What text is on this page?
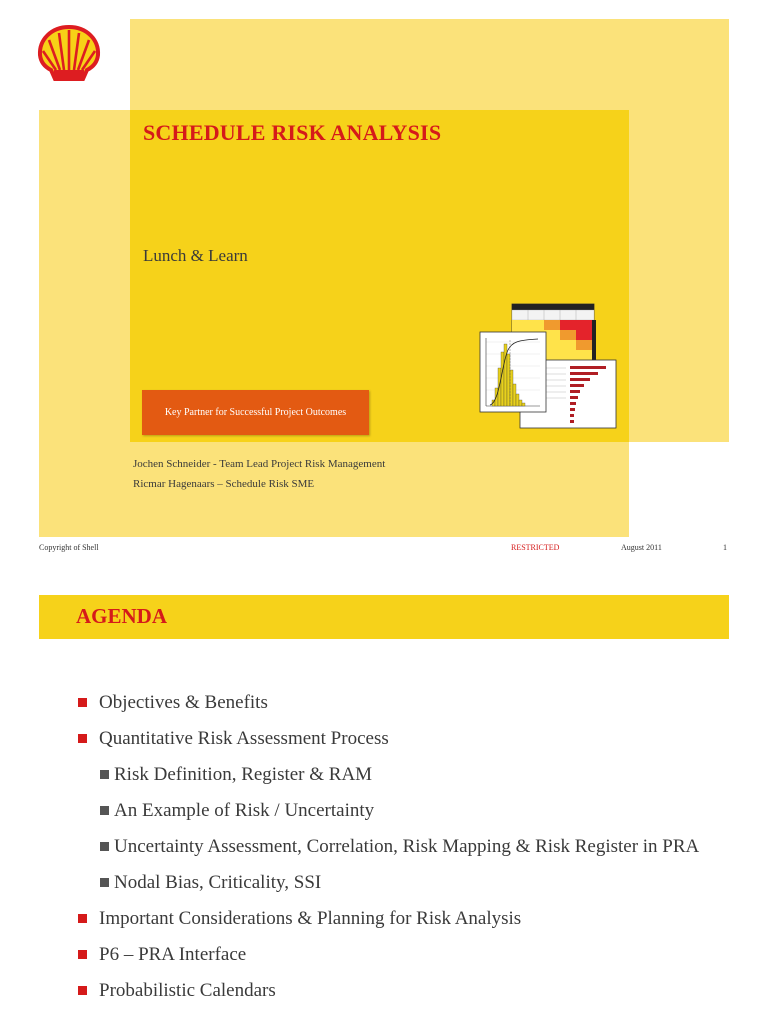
SCHEDULE RISK ANALYSIS
Lunch & Learn
Key Partner for Successful Project Outcomes
Jochen Schneider - Team Lead Project Risk Management
Ricmar Hagenaars – Schedule Risk SME
Copyright of Shell	RESTRICTED	August 2011	1
AGENDA
Objectives & Benefits
Quantitative Risk Assessment Process
Risk Definition, Register & RAM
An Example of Risk / Uncertainty
Uncertainty Assessment, Correlation, Risk Mapping & Risk Register in PRA
Nodal Bias, Criticality, SSI
Important Considerations & Planning for Risk Analysis
P6 – PRA Interface
Probabilistic Calendars
